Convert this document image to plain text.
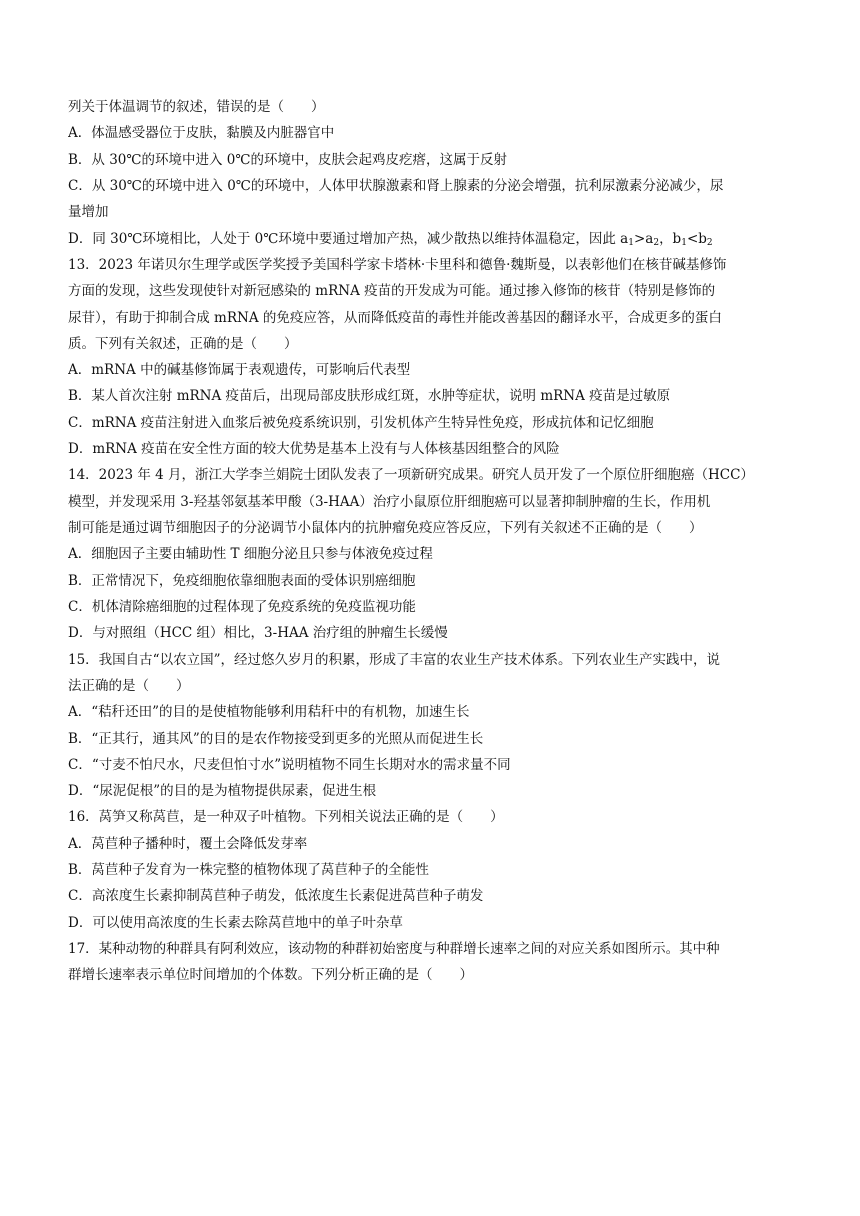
列关于体温调节的叙述，错误的是（　　）
A．体温感受器位于皮肤，黏膜及内脏器官中
B．从 30℃的环境中进入 0℃的环境中，皮肤会起鸡皮疙瘩，这属于反射
C．从 30℃的环境中进入 0℃的环境中，人体甲状腺激素和肾上腺素的分泌会增强，抗利尿激素分泌减少，尿
量增加
D．同 30℃环境相比，人处于 0℃环境中要通过增加产热，减少散热以维持体温稳定，因此 $a_1>a_2$，$b_1<b_2$
13．2023 年诺贝尔生理学或医学奖授予美国科学家卡塔林·卡里科和德鲁·魏斯曼，以表彰他们在核苷碱基修饰
方面的发现，这些发现使针对新冠感染的 mRNA 疫苗的开发成为可能。通过掺入修饰的核苷（特别是修饰的
尿苷），有助于抑制合成 mRNA 的免疫应答，从而降低疫苗的毒性并能改善基因的翻译水平，合成更多的蛋白
质。下列有关叙述，正确的是（　　）
A．mRNA 中的碱基修饰属于表观遗传，可影响后代表型
B．某人首次注射 mRNA 疫苗后，出现局部皮肤形成红斑，水肿等症状，说明 mRNA 疫苗是过敏原
C．mRNA 疫苗注射进入血浆后被免疫系统识别，引发机体产生特异性免疫，形成抗体和记忆细胞
D．mRNA 疫苗在安全性方面的较大优势是基本上没有与人体核基因组整合的风险
14．2023 年 4 月，浙江大学李兰娟院士团队发表了一项新研究成果。研究人员开发了一个原位肝细胞癌（HCC）
模型，并发现采用 3-羟基邻氨基苯甲酸（3-HAA）治疗小鼠原位肝细胞癌可以显著抑制肿瘤的生长，作用机
制可能是通过调节细胞因子的分泌调节小鼠体内的抗肿瘤免疫应答反应，下列有关叙述不正确的是（　　）
A．细胞因子主要由辅助性 T 细胞分泌且只参与体液免疫过程
B．正常情况下，免疫细胞依靠细胞表面的受体识别癌细胞
C．机体清除癌细胞的过程体现了免疫系统的免疫监视功能
D．与对照组（HCC 组）相比，3-HAA 治疗组的肿瘤生长缓慢
15．我国自古“以农立国”，经过悠久岁月的积累，形成了丰富的农业生产技术体系。下列农业生产实践中，说
法正确的是（　　）
A．“秸秆还田”的目的是使植物能够利用秸秆中的有机物，加速生长
B．“正其行，通其风”的目的是农作物接受到更多的光照从而促进生长
C．“寸麦不怕尺水，尺麦但怕寸水”说明植物不同生长期对水的需求量不同
D．“尿泥促根”的目的是为植物提供尿素，促进生根
16．莴笋又称莴苣，是一种双子叶植物。下列相关说法正确的是（　　）
A．莴苣种子播种时，覆土会降低发芽率
B．莴苣种子发育为一株完整的植物体现了莴苣种子的全能性
C．高浓度生长素抑制莴苣种子萌发，低浓度生长素促进莴苣种子萌发
D．可以使用高浓度的生长素去除莴苣地中的单子叶杂草
17．某种动物的种群具有阿利效应，该动物的种群初始密度与种群增长速率之间的对应关系如图所示。其中种
群增长速率表示单位时间增加的个体数。下列分析正确的是（　　）
